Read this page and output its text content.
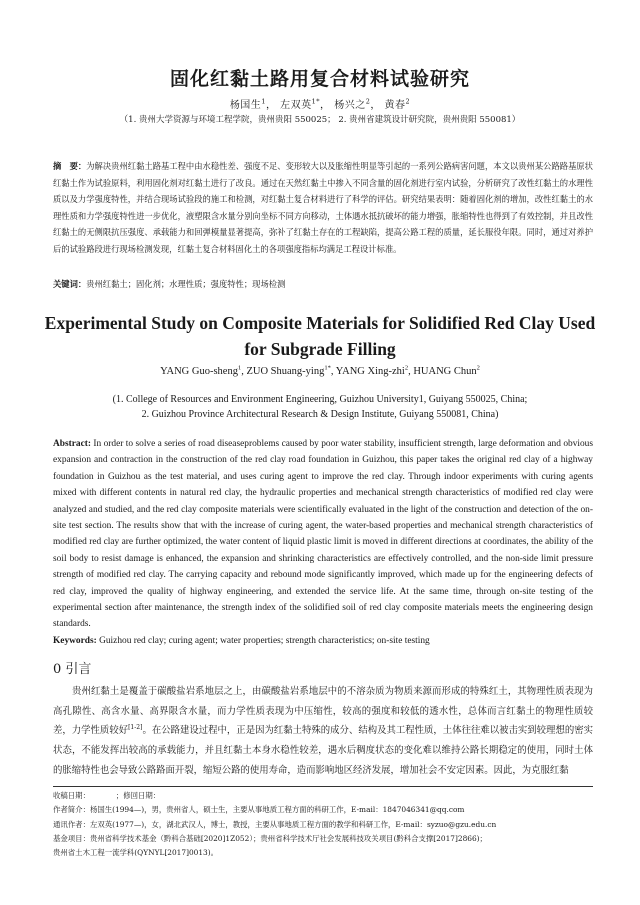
固化红黏土路用复合材料试验研究
杨国生$^1$， 左双英$^{1*}$， 杨兴之$^2$， 黄春$^2$
（1. 贵州大学资源与环境工程学院，贵州贵阳 550025； 2. 贵州省建筑设计研究院，贵州贵阳 550081）
摘　要：为解决贵州红黏土路基工程中由水稳性差、强度不足、变形较大以及胀缩性明显等引起的一系列公路病害问题，本文以贵州某公路路基原状红黏土作为试验原料，利用固化剂对红黏土进行了改良。通过在天然红黏土中掺入不同含量的固化剂进行室内试验，分析研究了改性红黏土的水理性质以及力学强度特性，并结合现场试验段的施工和检测，对红黏土复合材料进行了科学的评估。研究结果表明：随着固化剂的增加，改性红黏土的水理性质和力学强度特性进一步优化，液塑限含水量分别向坐标不同方向移动，土体遇水抵抗破坏的能力增强，胀缩特性也得到了有效控制，并且改性红黏土的无侧限抗压强度、承载能力和回弹模量显著提高，弥补了红黏土存在的工程缺陷，提高公路工程的质量，延长服役年限。同时，通过对养护后的试验路段进行现场检测发现，红黏土复合材料固化土的各项强度指标均满足工程设计标准。
关键词：贵州红黏土；固化剂；水理性质；强度特性；现场检测
Experimental Study on Composite Materials for Solidified Red Clay Used
for Subgrade Filling
YANG Guo-sheng$^1$, ZUO Shuang-ying$^{1*}$, YANG Xing-zhi$^2$, HUANG Chun$^2$
(1. College of Resources and Environment Engineering, Guizhou University1, Guiyang 550025, China;
2. Guizhou Province Architectural Research & Design Institute, Guiyang 550081, China)
Abstract: In order to solve a series of road diseaseproblems caused by poor water stability, insufficient strength, large deformation and obvious expansion and contraction in the construction of the red clay road foundation in Guizhou, this paper takes the original red clay of a highway foundation in Guizhou as the test material, and uses curing agent to improve the red clay. Through indoor experiments with curing agents mixed with different contents in natural red clay, the hydraulic properties and mechanical strength characteristics of modified red clay were analyzed and studied, and the red clay composite materials were scientifically evaluated in the light of the construction and detection of the on-site test section. The results show that with the increase of curing agent, the water-based properties and mechanical strength characteristics of modified red clay are further optimized, the water content of liquid plastic limit is moved in different directions at coordinates, the ability of the soil body to resist damage is enhanced, the expansion and shrinking characteristics are effectively controlled, and the non-side limit pressure strength of modified red clay. The carrying capacity and rebound mode significantly improved, which made up for the engineering defects of red clay, improved the quality of highway engineering, and extended the service life. At the same time, through on-site testing of the experimental section after maintenance, the strength index of the solidified soil of red clay composite materials meets the engineering design standards.
Keywords: Guizhou red clay; curing agent; water properties; strength characteristics; on-site testing
0 引言
贵州红黏土是覆盖于碳酸盐岩系地层之上，由碳酸盐岩系地层中的不溶杂质为物质来源而形成的特殊红土，其物理性质表现为高孔隙性、高含水量、高界限含水量，而力学性质表现为中压缩性，较高的强度和较低的透水性，总体而言红黏土的物理性质较差，力学性质较好[1-2]。在公路建设过程中，正是因为红黏土特殊的成分、结构及其工程性质，土体往往难以被击实到较理想的密实状态，不能发挥出较高的承载能力，并且红黏土本身水稳性较差，遇水后稠度状态的变化难以维持公路长期稳定的使用，同时土体的胀缩特性也会导致公路路面开裂，缩短公路的使用寿命，造而影响地区经济发展，增加社会不安定因素。因此，为克服红黏
收稿日期：　　　　；修回日期：
作者简介：杨国生(1994—)，男，贵州省人，硕士生，主要从事地质工程方面的科研工作，E-mail：1847046341@qq.com
通讯作者：左双英(1977—)，女，湖北武汉人，博士，教授，主要从事地质工程方面的教学和科研工作，E-mail：syzuo@gzu.edu.cn
基金项目：贵州省科学技术基金（黔科合基础[2020]1Z052）；贵州省科学技术厅社会发展科技攻关项目(黔科合支撑[2017]2866)；
贵州省土木工程一流学科(QYNYL[2017]0013)。
